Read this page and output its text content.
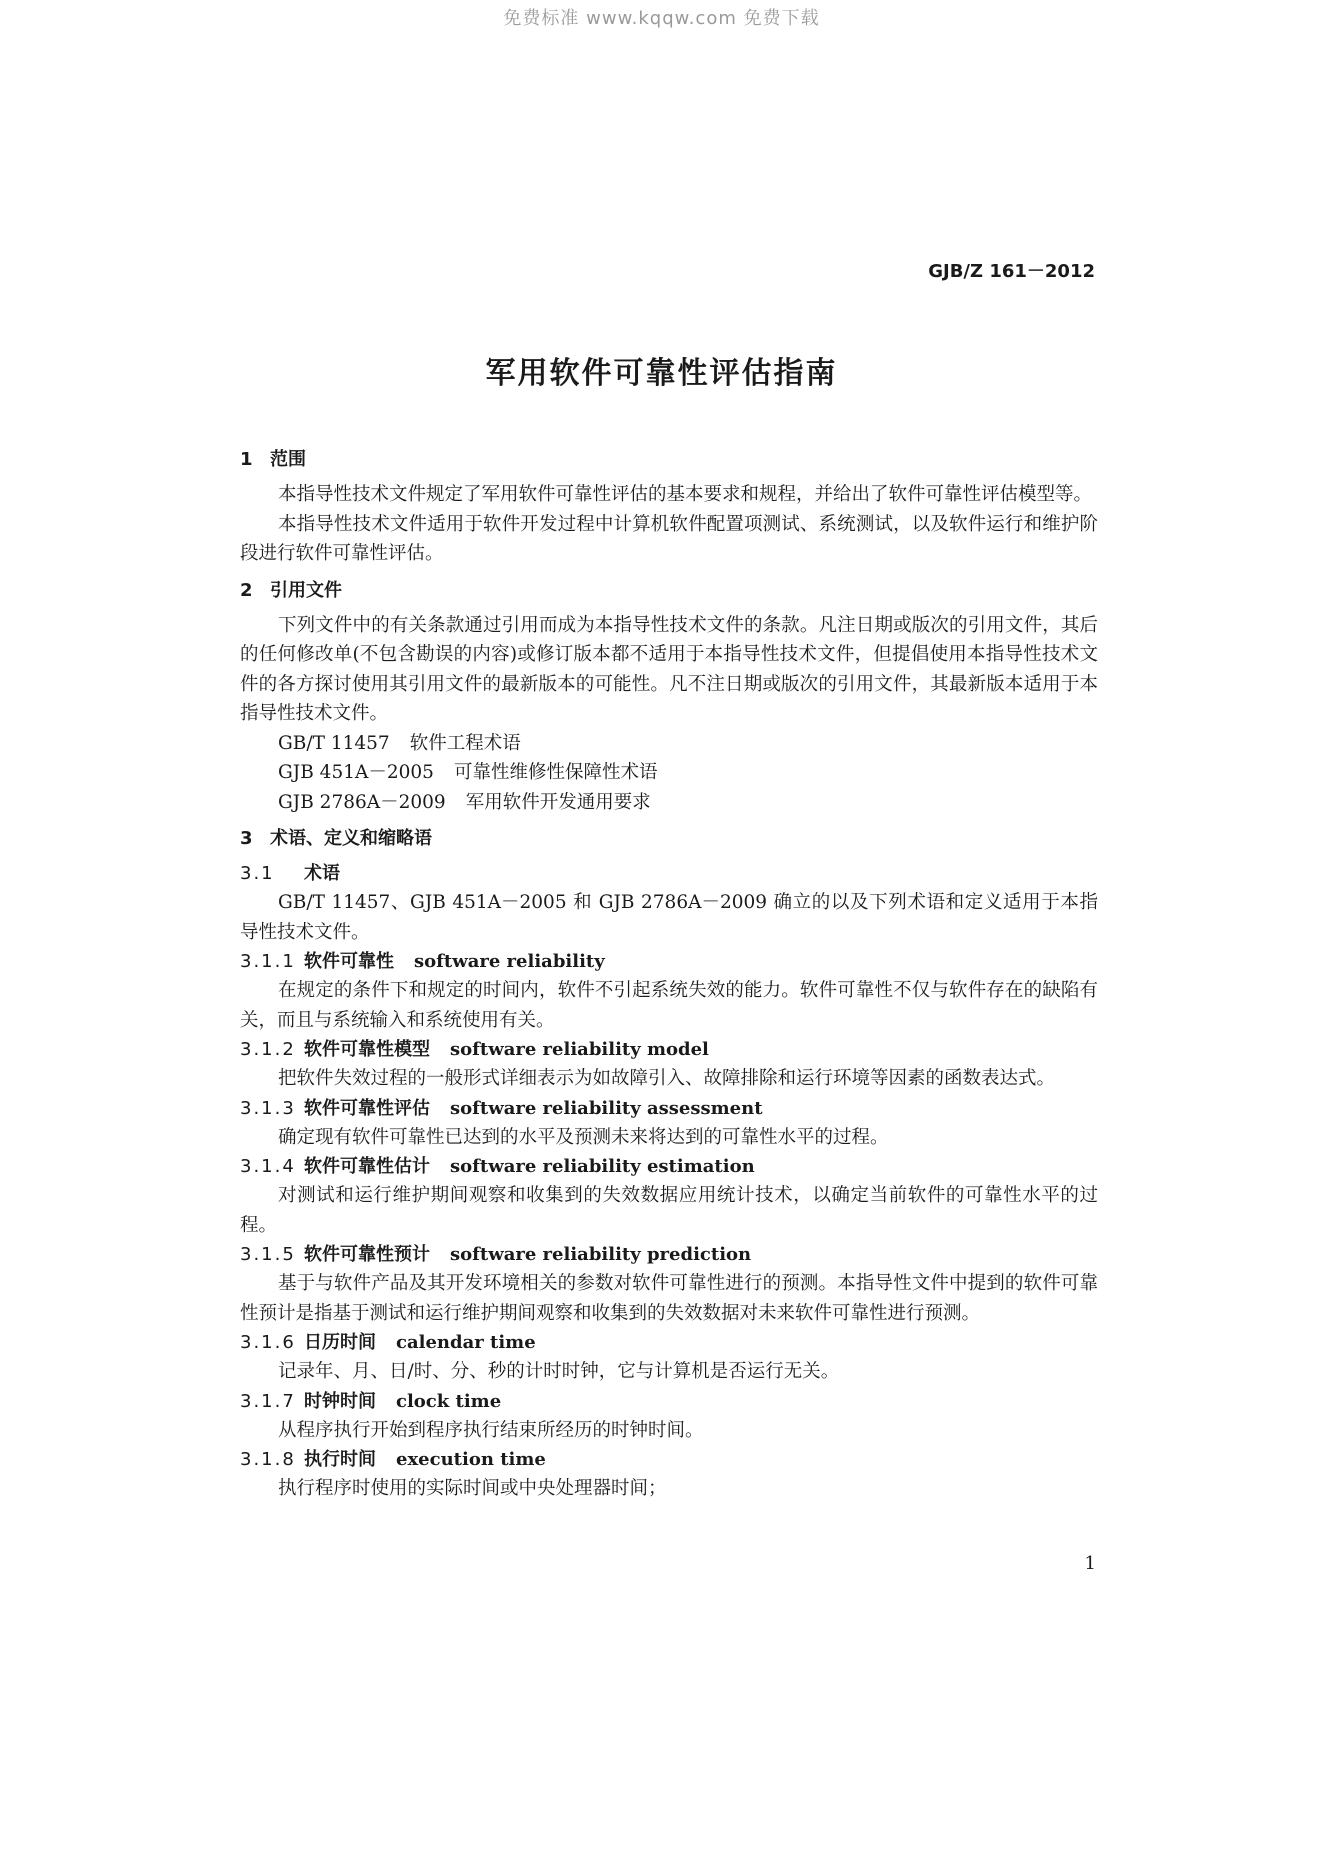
免费标准 www.kqqw.com 免费下载
GJB/Z 161－2012
军用软件可靠性评估指南
1 范围

本指导性技术文件规定了军用软件可靠性评估的基本要求和规程，并给出了软件可靠性评估模型等。

本指导性技术文件适用于软件开发过程中计算机软件配置项测试、系统测试，以及软件运行和维护阶段进行软件可靠性评估。

2 引用文件

下列文件中的有关条款通过引用而成为本指导性技术文件的条款。凡注日期或版次的引用文件，其后的任何修改单(不包含勘误的内容)或修订版本都不适用于本指导性技术文件，但提倡使用本指导性技术文件的各方探讨使用其引用文件的最新版本的可能性。凡不注日期或版次的引用文件，其最新版本适用于本指导性技术文件。

GB/T 11457 软件工程术语

GJB 451A－2005 可靠性维修性保障性术语

GJB 2786A－2009 军用软件开发通用要求

3 术语、定义和缩略语
3.1 术语

GB/T 11457、GJB 451A－2005 和 GJB 2786A－2009 确立的以及下列术语和定义适用于本指导性技术文件。

3.1.1 软件可靠性 software reliability

在规定的条件下和规定的时间内，软件不引起系统失效的能力。软件可靠性不仅与软件存在的缺陷有关，而且与系统输入和系统使用有关。

3.1.2 软件可靠性模型 software reliability model

把软件失效过程的一般形式详细表示为如故障引入、故障排除和运行环境等因素的函数表达式。

3.1.3 软件可靠性评估 software reliability assessment

确定现有软件可靠性已达到的水平及预测未来将达到的可靠性水平的过程。

3.1.4 软件可靠性估计 software reliability estimation

对测试和运行维护期间观察和收集到的失效数据应用统计技术，以确定当前软件的可靠性水平的过程。

3.1.5 软件可靠性预计 software reliability prediction

基于与软件产品及其开发环境相关的参数对软件可靠性进行的预测。本指导性文件中提到的软件可靠性预计是指基于测试和运行维护期间观察和收集到的失效数据对未来软件可靠性进行预测。

3.1.6 日历时间 calendar time

记录年、月、日/时、分、秒的计时时钟，它与计算机是否运行无关。

3.1.7 时钟时间 clock time

从程序执行开始到程序执行结束所经历的时钟时间。

3.1.8 执行时间 execution time

执行程序时使用的实际时间或中央处理器时间；

1
